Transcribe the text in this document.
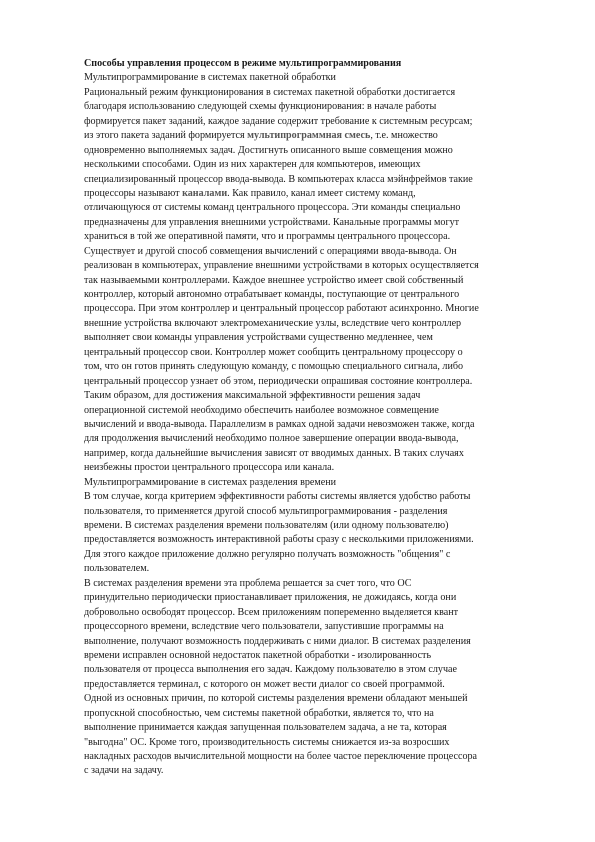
Способы управления процессом в режиме мультипрограммирования
Мультипрограммирование в системах пакетной обработки
Рациональный режим функционирования в системах пакетной обработки достигается
благодаря использованию следующей схемы функционирования: в начале работы
формируется пакет заданий, каждое задание содержит требование к системным ресурсам;
из этого пакета заданий формируется мультипрограммная смесь, т.е. множество
одновременно выполняемых задач. Достигнуть описанного выше совмещения можно
несколькими способами. Один из них характерен для компьютеров, имеющих
специализированный процессор ввода-вывода. В компьютерах класса мэйнфреймов такие
процессоры называют каналами. Как правило, канал имеет систему команд,
отличающуюся от системы команд центрального процессора. Эти команды специально
предназначены для управления внешними устройствами. Канальные программы могут
храниться в той же оперативной памяти, что и программы центрального процессора.
Существует и другой способ совмещения вычислений с операциями ввода-вывода. Он
реализован в компьютерах, управление внешними устройствами в которых осуществляется
так называемыми контроллерами. Каждое внешнее устройство имеет свой собственный
контроллер, который автономно отрабатывает команды, поступающие от центрального
процессора. При этом контроллер и центральный процессор работают асинхронно. Многие
внешние устройства включают электромеханические узлы, вследствие чего контроллер
выполняет свои команды управления устройствами существенно медленнее, чем
центральный процессор свои. Контроллер может сообщить центральному процессору о
том, что он готов принять следующую команду, с помощью специального сигнала, либо
центральный процессор узнает об этом, периодически опрашивая состояние контроллера.
Таким образом, для достижения максимальной эффективности решения задач
операционной системой необходимо обеспечить наиболее возможное совмещение
вычислений и ввода-вывода. Параллелизм в рамках одной задачи невозможен также, когда
для продолжения вычислений необходимо полное завершение операции ввода-вывода,
например, когда дальнейшие вычисления зависят от вводимых данных. В таких случаях
неизбежны простои центрального процессора или канала.
Мультипрограммирование в системах разделения времени
В том случае, когда критерием эффективности работы системы является удобство работы
пользователя, то применяется другой способ мультипрограммирования - разделения
времени. В системах разделения времени пользователям (или одному пользователю)
предоставляется возможность интерактивной работы сразу с несколькими приложениями.
Для этого каждое приложение должно регулярно получать возможность "общения" с
пользователем.
В системах разделения времени эта проблема решается за счет того, что ОС
принудительно периодически приостанавливает приложения, не дожидаясь, когда они
добровольно освободят процессор. Всем приложениям попеременно выделяется квант
процессорного времени, вследствие чего пользователи, запустившие программы на
выполнение, получают возможность поддерживать с ними диалог. В системах разделения
времени исправлен основной недостаток пакетной обработки - изолированность
пользователя от процесса выполнения его задач. Каждому пользователю в этом случае
предоставляется терминал, с которого он может вести диалог со своей программой.
Одной из основных причин, по которой системы разделения времени обладают меньшей
пропускной способностью, чем системы пакетной обработки, является то, что на
выполнение принимается каждая запущенная пользователем задача, а не та, которая
"выгодна" ОС. Кроме того, производительность системы снижается из-за возросших
накладных расходов вычислительной мощности на более частое переключение процессора
с задачи на задачу.
